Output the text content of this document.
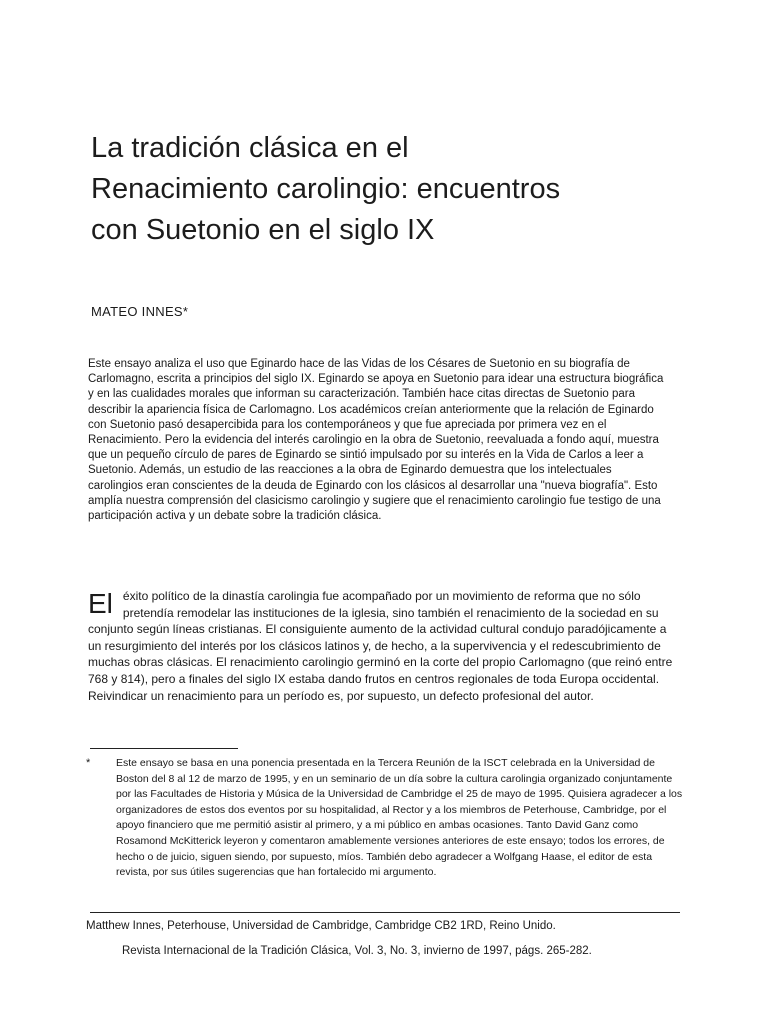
La tradición clásica en el Renacimiento carolingio: encuentros con Suetonio en el siglo IX

MATEO INNES*

Este ensayo analiza el uso que Eginardo hace de las Vidas de los Césares de Suetonio en su biografía de Carlomagno, escrita a principios del siglo IX. Eginardo se apoya en Suetonio para idear una estructura biográfica y en las cualidades morales que informan su caracterización. También hace citas directas de Suetonio para describir la apariencia física de Carlomagno. Los académicos creían anteriormente que la relación de Eginardo con Suetonio pasó desapercibida para los contemporáneos y que fue apreciada por primera vez en el Renacimiento. Pero la evidencia del interés carolingio en la obra de Suetonio, reevaluada a fondo aquí, muestra que un pequeño círculo de pares de Eginardo se sintió impulsado por su interés en la Vida de Carlos a leer a Suetonio. Además, un estudio de las reacciones a la obra de Eginardo demuestra que los intelectuales carolingios eran conscientes de la deuda de Eginardo con los clásicos al desarrollar una "nueva biografía". Esto amplía nuestra comprensión del clasicismo carolingio y sugiere que el renacimiento carolingio fue testigo de una participación activa y un debate sobre la tradición clásica.

El éxito político de la dinastía carolingia fue acompañado por un movimiento de reforma que no sólo pretendía remodelar las instituciones de la iglesia, sino también el renacimiento de la sociedad en su conjunto según líneas cristianas. El consiguiente aumento de la actividad cultural condujo paradójicamente a un resurgimiento del interés por los clásicos latinos y, de hecho, a la supervivencia y el redescubrimiento de muchas obras clásicas. El renacimiento carolingio germinó en la corte del propio Carlomagno (que reinó entre 768 y 814), pero a finales del siglo IX estaba dando frutos en centros regionales de toda Europa occidental. Reivindicar un renacimiento para un período es, por supuesto, un defecto profesional del autor.
*	Este ensayo se basa en una ponencia presentada en la Tercera Reunión de la ISCT celebrada en la Universidad de Boston del 8 al 12 de marzo de 1995, y en un seminario de un día sobre la cultura carolingia organizado conjuntamente por las Facultades de Historia y Música de la Universidad de Cambridge el 25 de mayo de 1995. Quisiera agradecer a los organizadores de estos dos eventos por su hospitalidad, al Rector y a los miembros de Peterhouse, Cambridge, por el apoyo financiero que me permitió asistir al primero, y a mi público en ambas ocasiones. Tanto David Ganz como Rosamond McKitterick leyeron y comentaron amablemente versiones anteriores de este ensayo; todos los errores, de hecho o de juicio, siguen siendo, por supuesto, míos. También debo agradecer a Wolfgang Haase, el editor de esta revista, por sus útiles sugerencias que han fortalecido mi argumento.

Matthew Innes, Peterhouse, Universidad de Cambridge, Cambridge CB2 1RD, Reino Unido.

Revista Internacional de la Tradición Clásica, Vol. 3, No. 3, invierno de 1997, págs. 265-282.
